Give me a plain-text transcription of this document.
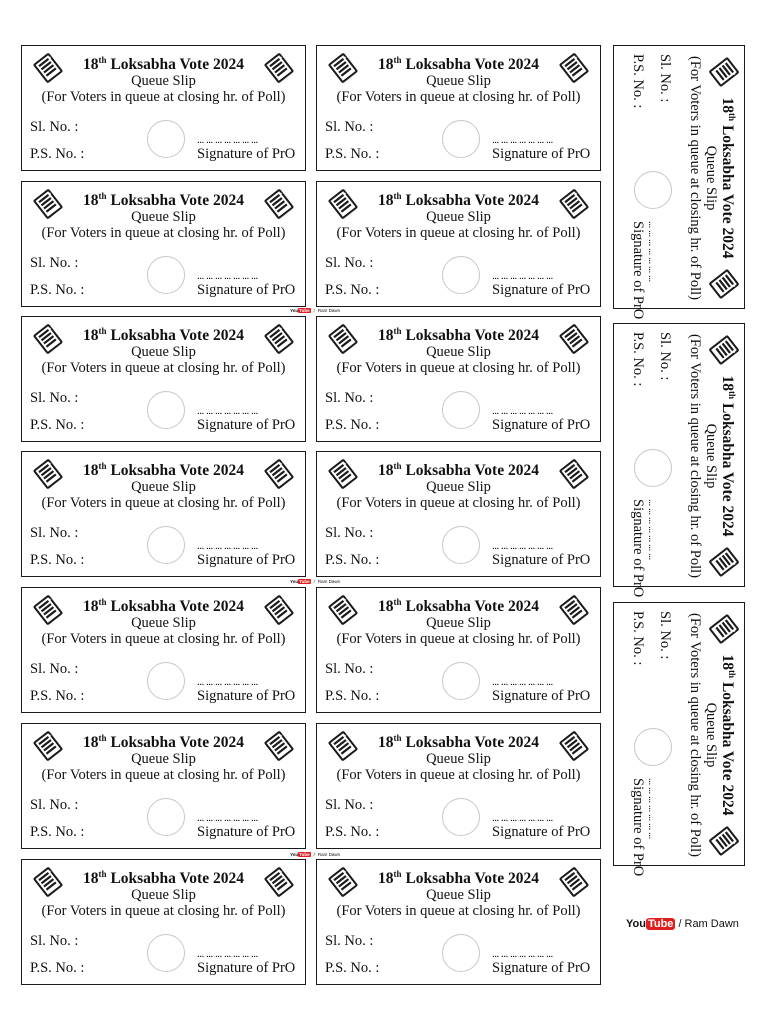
18th Loksabha Vote 2024
Queue Slip
(For Voters in queue at closing hr. of Poll)
Sl. No. :
P.S. No. :
... ... ... ... ... ... ...
Signature of PrO
18th Loksabha Vote 2024
Queue Slip
(For Voters in queue at closing hr. of Poll)
Sl. No. :
P.S. No. :
... ... ... ... ... ... ...
Signature of PrO
18th Loksabha Vote 2024
Queue Slip
(For Voters in queue at closing hr. of Poll)
Sl. No. :
P.S. No. :
... ... ... ... ... ... ...
Signature of PrO
18th Loksabha Vote 2024
Queue Slip
(For Voters in queue at closing hr. of Poll)
Sl. No. :
P.S. No. :
... ... ... ... ... ... ...
Signature of PrO
18th Loksabha Vote 2024
Queue Slip
(For Voters in queue at closing hr. of Poll)
Sl. No. :
P.S. No. :
... ... ... ... ... ... ...
Signature of PrO
18th Loksabha Vote 2024
Queue Slip
(For Voters in queue at closing hr. of Poll)
Sl. No. :
P.S. No. :
... ... ... ... ... ... ...
Signature of PrO
18th Loksabha Vote 2024
Queue Slip
(For Voters in queue at closing hr. of Poll)
Sl. No. :
P.S. No. :
... ... ... ... ... ... ...
Signature of PrO
18th Loksabha Vote 2024
Queue Slip
(For Voters in queue at closing hr. of Poll)
Sl. No. :
P.S. No. :
... ... ... ... ... ... ...
Signature of PrO
18th Loksabha Vote 2024
Queue Slip
(For Voters in queue at closing hr. of Poll)
Sl. No. :
P.S. No. :
... ... ... ... ... ... ...
Signature of PrO
18th Loksabha Vote 2024
Queue Slip
(For Voters in queue at closing hr. of Poll)
Sl. No. :
P.S. No. :
... ... ... ... ... ... ...
Signature of PrO
18th Loksabha Vote 2024
Queue Slip
(For Voters in queue at closing hr. of Poll)
Sl. No. :
P.S. No. :
... ... ... ... ... ... ...
Signature of PrO
18th Loksabha Vote 2024
Queue Slip
(For Voters in queue at closing hr. of Poll)
Sl. No. :
P.S. No. :
... ... ... ... ... ... ...
Signature of PrO
18th Loksabha Vote 2024
Queue Slip
(For Voters in queue at closing hr. of Poll)
Sl. No. :
P.S. No. :
... ... ... ... ... ... ...
Signature of PrO
18th Loksabha Vote 2024
Queue Slip
(For Voters in queue at closing hr. of Poll)
Sl. No. :
P.S. No. :
... ... ... ... ... ... ...
Signature of PrO
18th Loksabha Vote 2024
Queue Slip
(For Voters in queue at closing hr. of Poll)
Sl. No. :
P.S. No. :
... ... ... ... ... ... ...
Signature of PrO
18th Loksabha Vote 2024
Queue Slip
(For Voters in queue at closing hr. of Poll)
Sl. No. :
P.S. No. :
... ... ... ... ... ... ...
Signature of PrO
18th Loksabha Vote 2024
Queue Slip
(For Voters in queue at closing hr. of Poll)
Sl. No. :
P.S. No. :
... ... ... ... ... ... ...
Signature of PrO
YouTube / Ram Dawn
YouTube / Ram Dawn
YouTube / Ram Dawn
You Tube / Ram Dawn
